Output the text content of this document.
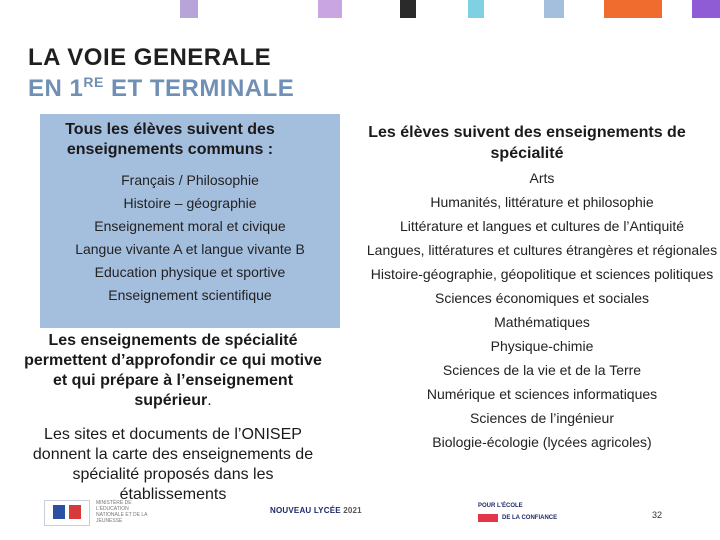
LA VOIE GENERALE
EN 1RE ET TERMINALE
Tous les élèves suivent des enseignements communs :
Français / Philosophie
Histoire – géographie
Enseignement moral et civique
Langue vivante A et langue vivante B
Education physique et sportive
Enseignement scientifique
Les enseignements de spécialité permettent d’approfondir ce qui motive et qui prépare à l’enseignement supérieur.
Les sites et documents de l’ONISEP donnent la carte des enseignements de spécialité proposés dans les établissements
Les élèves suivent des enseignements de spécialité
Arts
Humanités, littérature et philosophie
Littérature et langues et cultures de l’Antiquité
Langues, littératures et cultures étrangères et régionales
Histoire-géographie, géopolitique et sciences politiques
Sciences économiques et sociales
Mathématiques
Physique-chimie
Sciences de la vie et de la Terre
Numérique et sciences informatiques
Sciences de l’ingénieur
Biologie-écologie (lycées agricoles)
MINISTÈRE DE L’ÉDUCATION NATIONALE ET DE LA JEUNESSE
NOUVEAU LYCÉE 2021	POUR L’ÉCOLE
DE LA CONFIANCE	32
